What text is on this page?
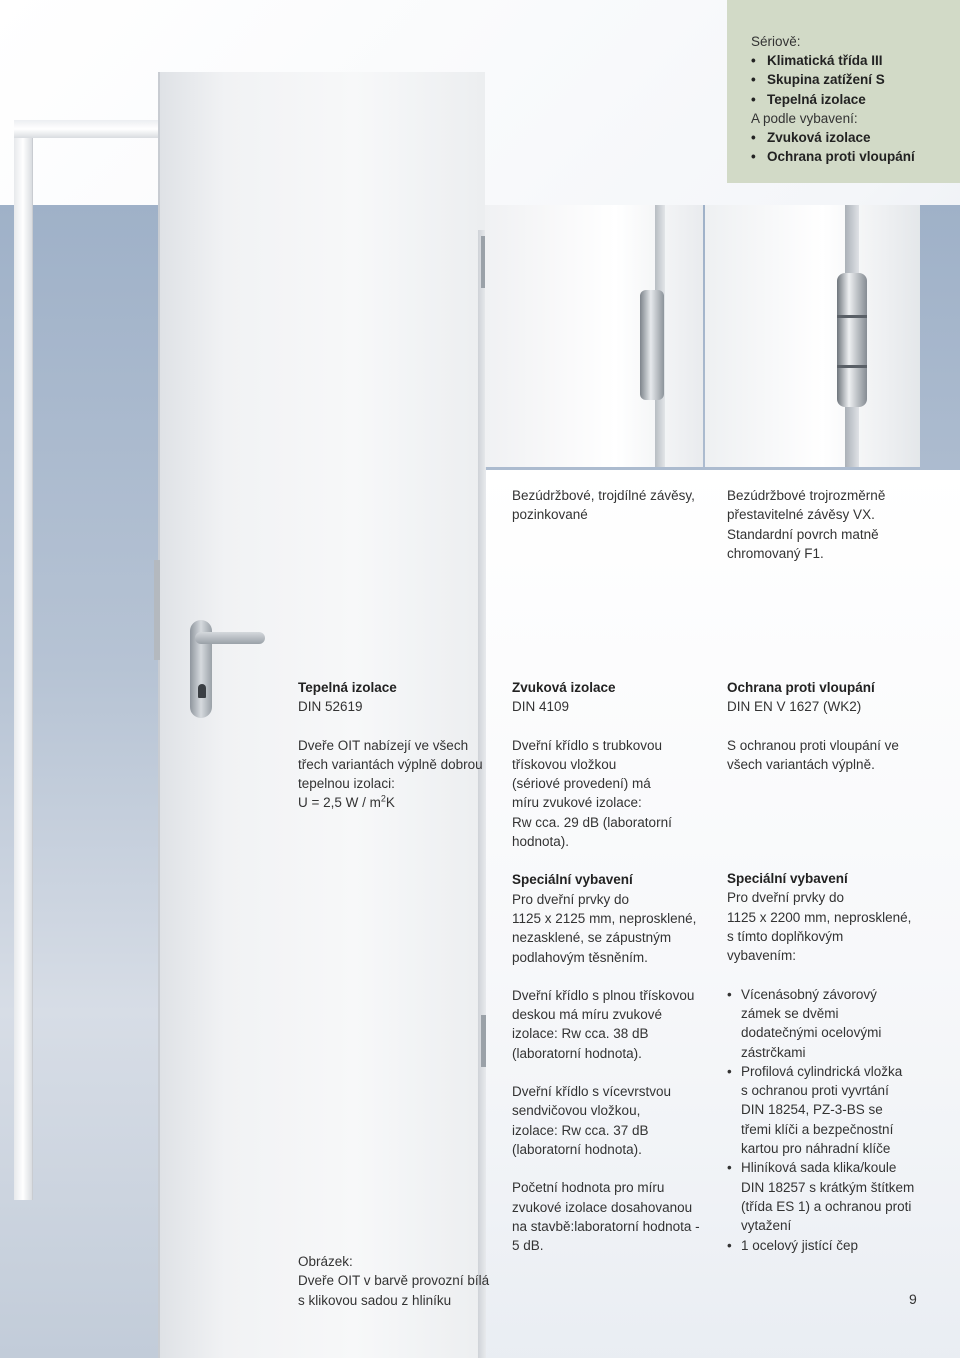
Sériově:
• Klimatická třída III
• Skupina zatížení S
• Tepelná izolace
A podle vybavení:
• Zvuková izolace
• Ochrana proti vloupání
Bezúdržbové, trojdílné závěsy,
pozinkované
Bezúdržbové trojrozměrně
přestavitelné závěsy VX.
Standardní povrch matně
chromovaný F1.
Tepelná izolace
DIN 52619
Dveře OIT nabízejí ve všech
třech variantách výplně dobrou
tepelnou izolaci:
U = 2,5 W / $m^2K$
Zvuková izolace
DIN 4109
Dveřní křídlo s trubkovou
třískovou vložkou
(sériové provedení) má
míru zvukové izolace:
Rw cca. 29 dB (laboratorní
hodnota).
Speciální vybavení
Pro dveřní prvky do
1125 x 2125 mm, neprosklené,
nezasklené, se zápustným
podlahovým těsněním.
Dveřní křídlo s plnou třískovou
deskou má míru zvukové
izolace: Rw cca. 38 dB
(laboratorní hodnota).
Dveřní křídlo s vícevrstvou
sendvičovou vložkou,
izolace: Rw cca. 37 dB
(laboratorní hodnota).
Početní hodnota pro míru
zvukové izolace dosahovanou
na stavbě:laboratorní hodnota -
5 dB.
Ochrana proti vloupání
DIN EN V 1627 (WK2)
S ochranou proti vloupání ve
všech variantách výplně.
Speciální vybavení
Pro dveřní prvky do
1125 x 2200 mm, neprosklené,
s tímto doplňkovým
vybavením:
• Vícenásobný závorový
zámek se dvěmi
dodatečnými ocelovými
zástrčkami
• Profilová cylindrická vložka
s ochranou proti vyvrtání
DIN 18254, PZ-3-BS se
třemi klíči a bezpečnostní
kartou pro náhradní klíče
• Hliníková sada klika/koule
DIN 18257 s krátkým štítkem
(třída ES 1) a ochranou proti
vytažení
• 1 ocelový jistící čep
Obrázek:
Dveře OIT v barvě provozní bílá
s klikovou sadou z hliníku	9
